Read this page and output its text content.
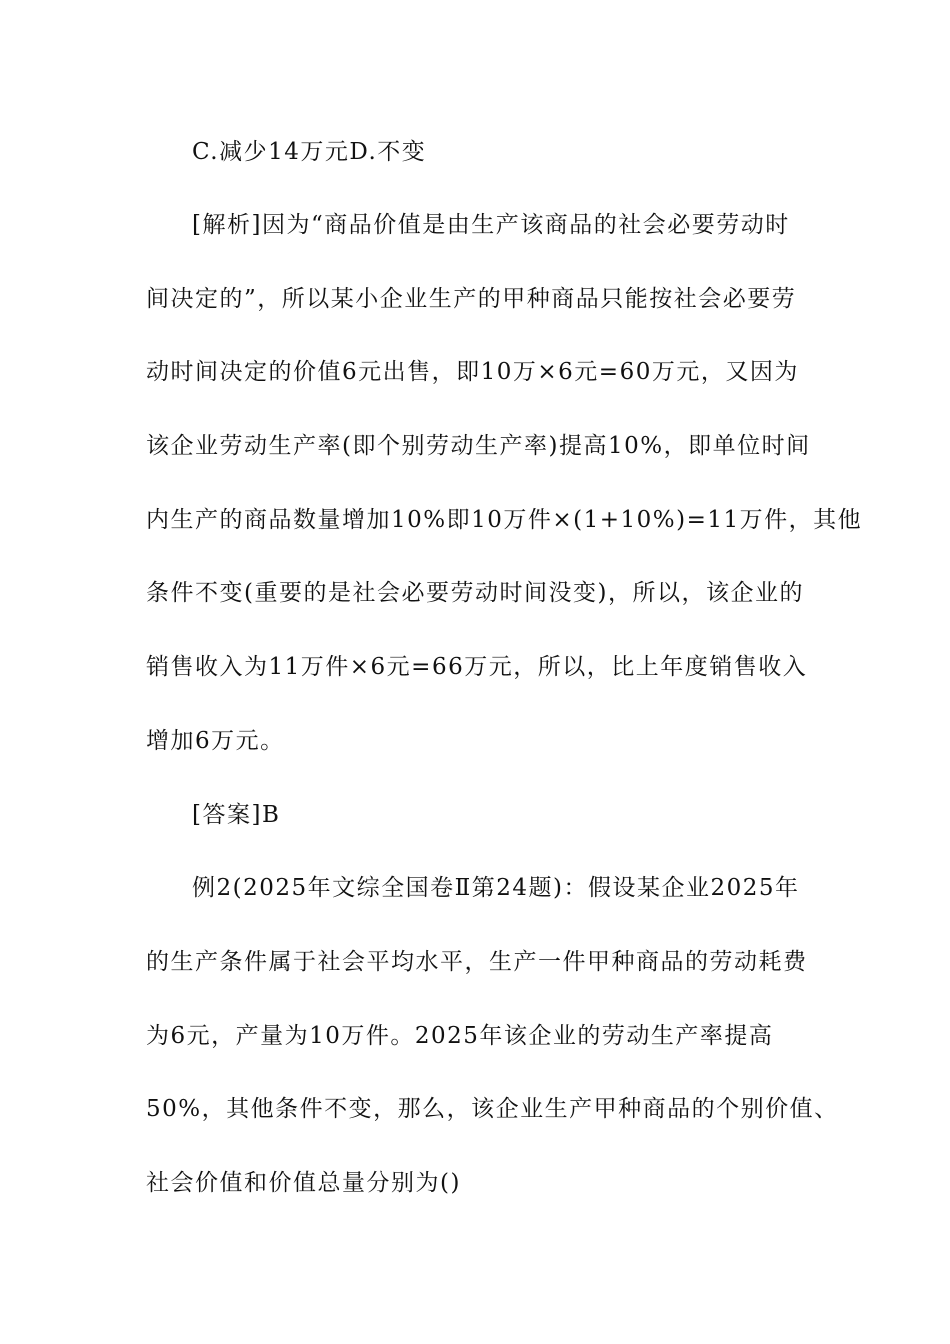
C.减少14万元D.不变
[解析]因为“商品价值是由生产该商品的社会必要劳动时
间决定的”，所以某小企业生产的甲种商品只能按社会必要劳
动时间决定的价值6元出售，即10万×6元=60万元，又因为
该企业劳动生产率(即个别劳动生产率)提高10%，即单位时间
内生产的商品数量增加10%即10万件×(1+10%)=11万件，其他
条件不变(重要的是社会必要劳动时间没变)，所以，该企业的
销售收入为11万件×6元=66万元，所以，比上年度销售收入
增加6万元。
[答案]B
例2(2025年文综全国卷Ⅱ第24题)：假设某企业2025年
的生产条件属于社会平均水平，生产一件甲种商品的劳动耗费
为6元，产量为10万件。2025年该企业的劳动生产率提高
50%，其他条件不变，那么，该企业生产甲种商品的个别价值、
社会价值和价值总量分别为()
